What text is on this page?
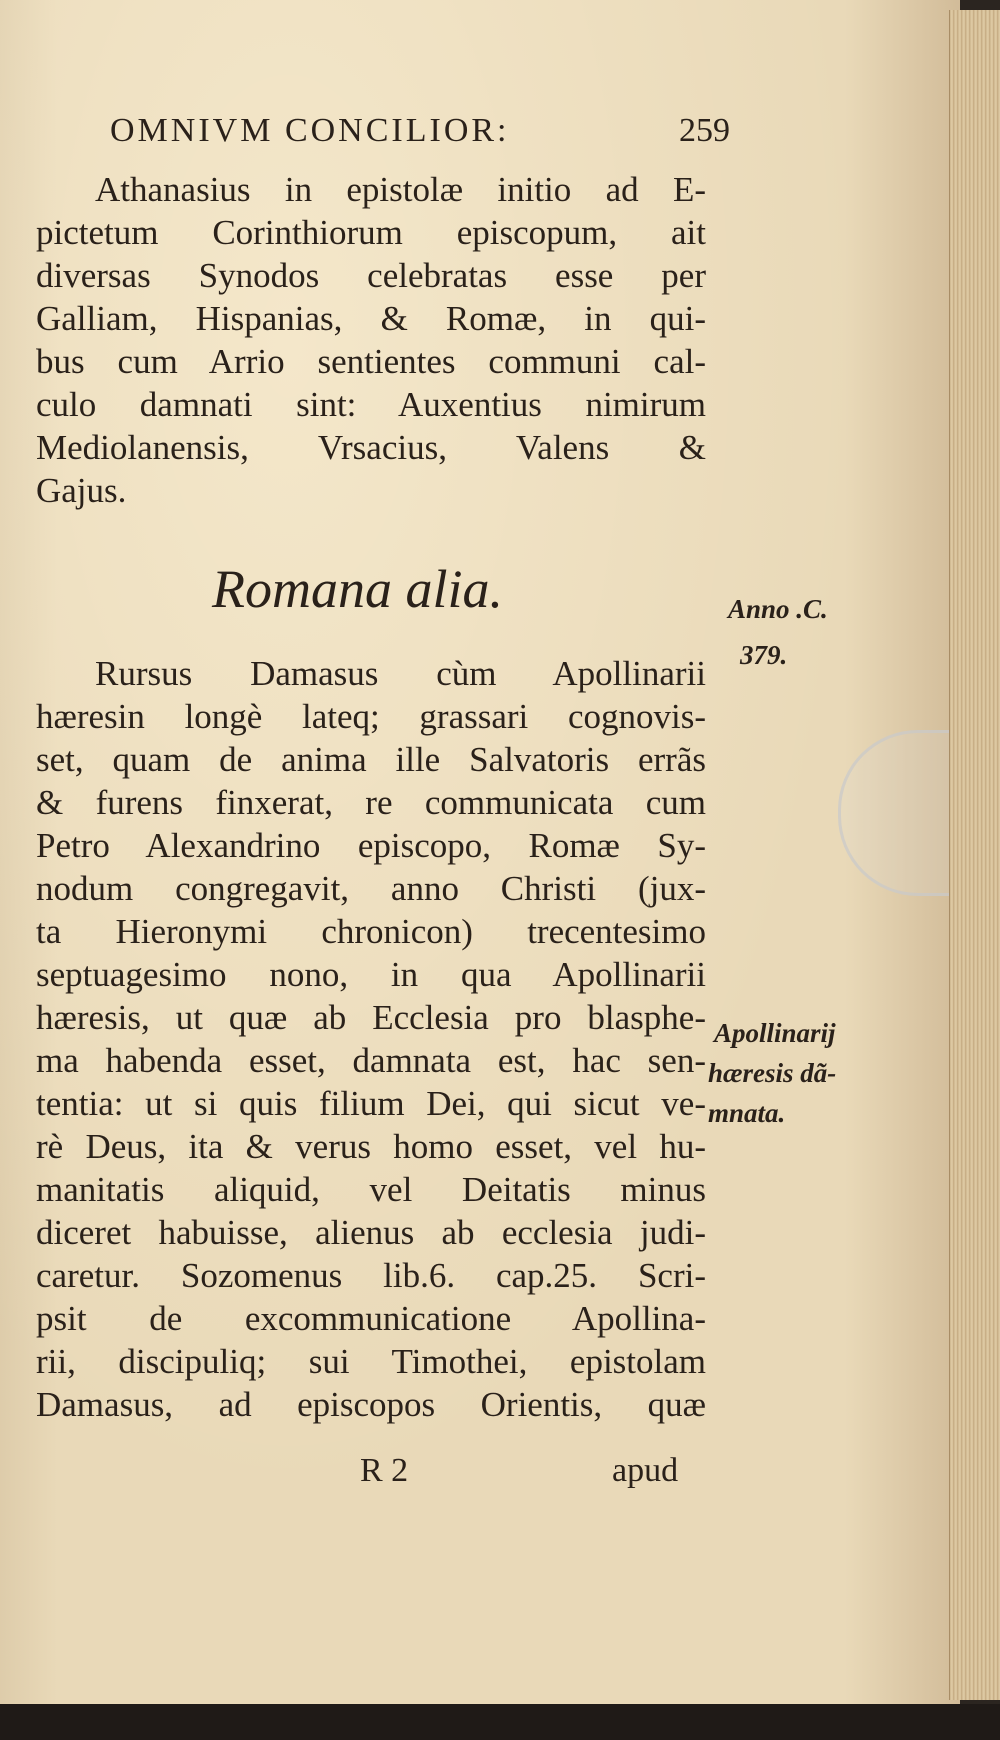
OMNIVM CONCILIOR:	259
Athanasius in epistolæ initio ad E-
pictetum Corinthiorum episcopum, ait
diversas Synodos celebratas esse per
Galliam, Hispanias, & Romæ, in qui-
bus cum Arrio sentientes communi cal-
culo damnati sint: Auxentius nimirum
Mediolanensis, Vrsacius, Valens &
Gajus.
Romana alia.
Rursus Damasus cùm Apollinarii
hæresin longè lateq; grassari cognovis-
set, quam de anima ille Salvatoris errãs
& furens finxerat, re communicata cum
Petro Alexandrino episcopo, Romæ Sy-
nodum congregavit, anno Christi (jux-
ta Hieronymi chronicon) trecentesimo
septuagesimo nono, in qua Apollinarii
hæresis, ut quæ ab Ecclesia pro blasphe-
ma habenda esset, damnata est, hac sen-
tentia: ut si quis filium Dei, qui sicut ve-
rè Deus, ita & verus homo esset, vel hu-
manitatis aliquid, vel Deitatis minus
diceret habuisse, alienus ab ecclesia judi-
caretur. Sozomenus lib.6. cap.25. Scri-
psit de excommunicatione Apollina-
rii, discipuliq; sui Timothei, epistolam
Damasus, ad episcopos Orientis, quæ
Anno .C.
379.
Apollinarij
hæresis dã-
mnata.
R 2	apud
